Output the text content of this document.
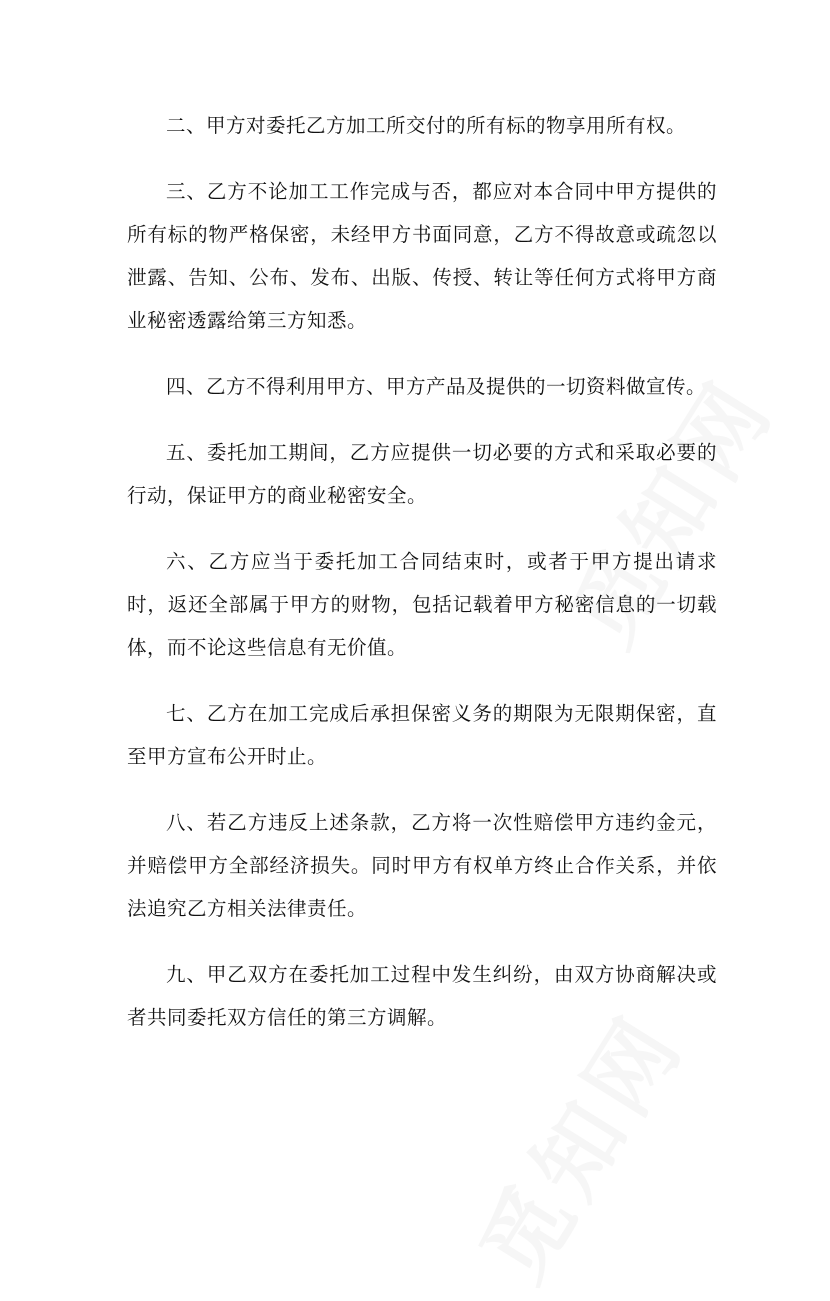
二、甲方对委托乙方加工所交付的所有标的物享用所有权。

三、乙方不论加工工作完成与否，都应对本合同中甲方提供的所有标的物严格保密，未经甲方书面同意，乙方不得故意或疏忽以泄露、告知、公布、发布、出版、传授、转让等任何方式将甲方商业秘密透露给第三方知悉。

四、乙方不得利用甲方、甲方产品及提供的一切资料做宣传。

五、委托加工期间，乙方应提供一切必要的方式和采取必要的行动，保证甲方的商业秘密安全。

六、乙方应当于委托加工合同结束时，或者于甲方提出请求时，返还全部属于甲方的财物，包括记载着甲方秘密信息的一切载体，而不论这些信息有无价值。

七、乙方在加工完成后承担保密义务的期限为无限期保密，直至甲方宣布公开时止。

八、若乙方违反上述条款，乙方将一次性赔偿甲方违约金元，并赔偿甲方全部经济损失。同时甲方有权单方终止合作关系，并依法追究乙方相关法律责任。

九、甲乙双方在委托加工过程中发生纠纷，由双方协商解决或者共同委托双方信任的第三方调解。
